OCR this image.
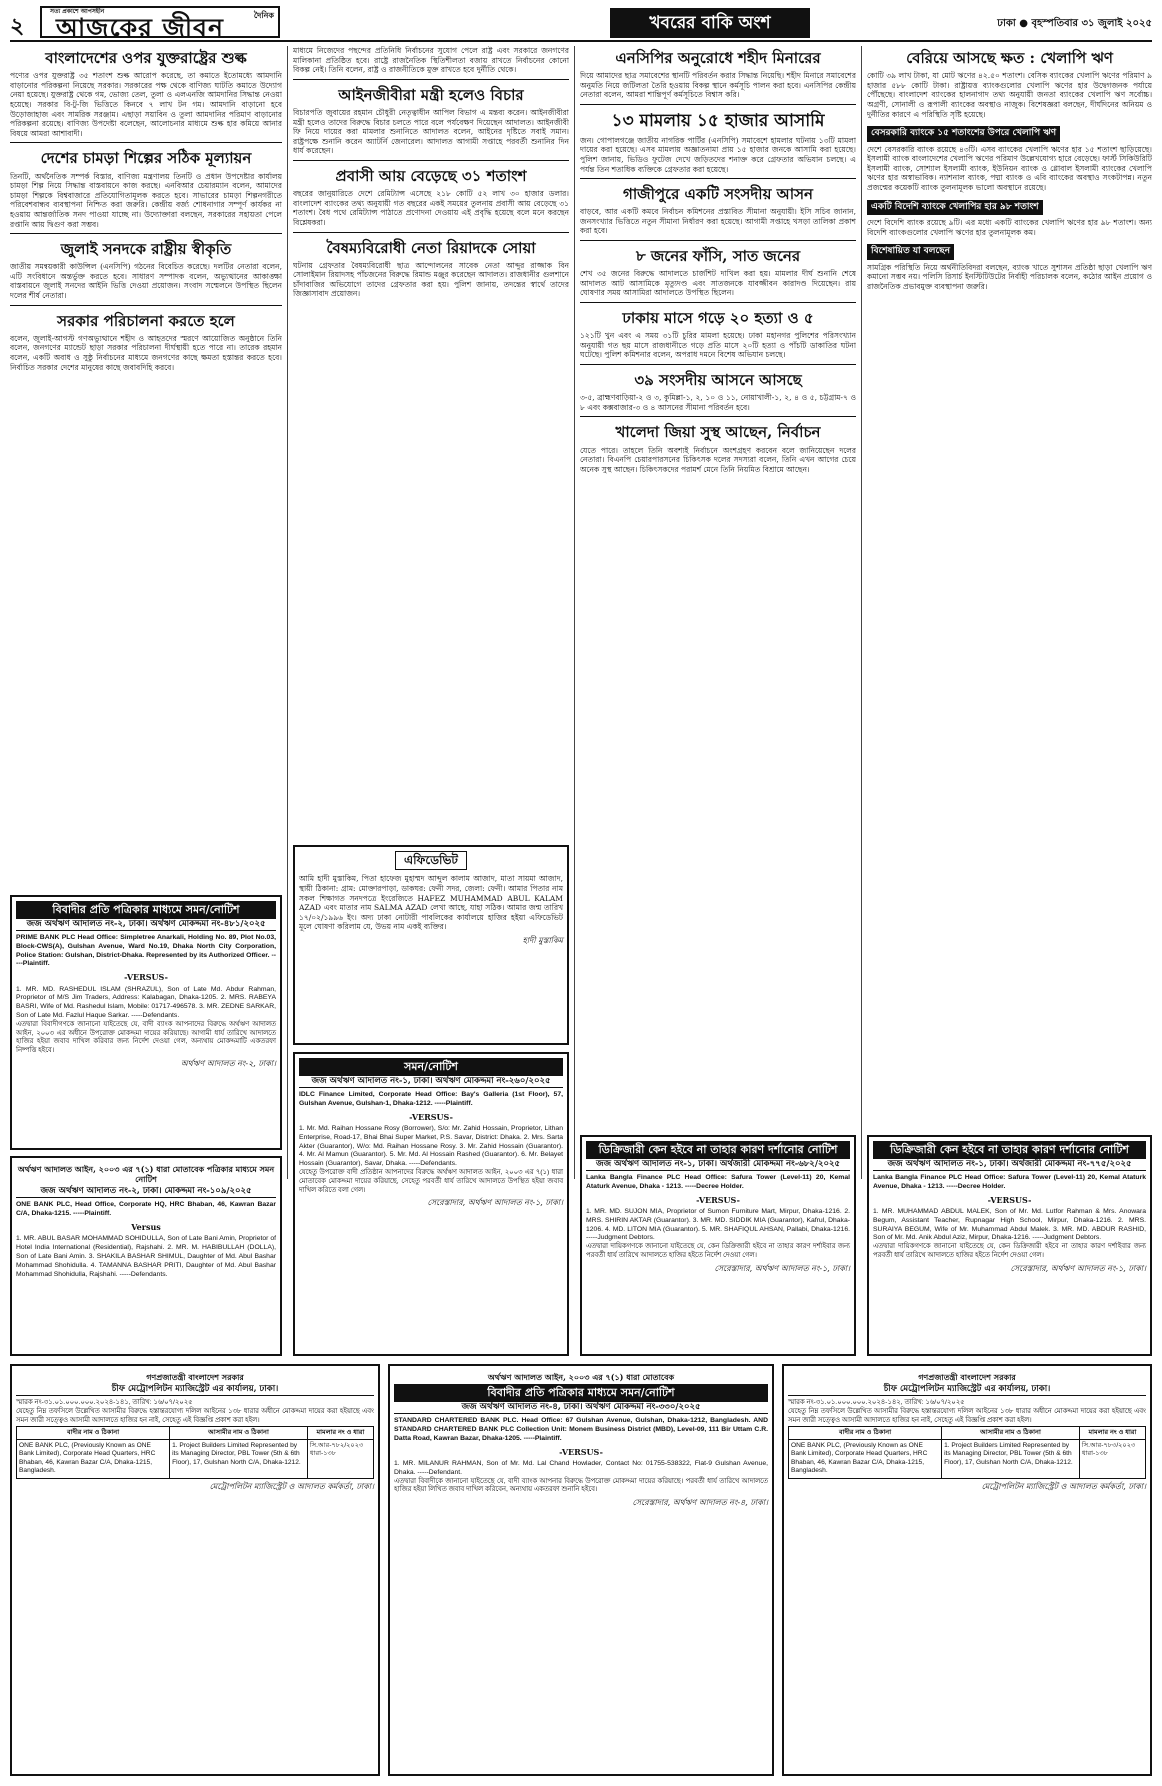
২
সত্য প্রকাশে আপসহীন
আজকের জীবন	দৈনিক	খবরের বাকি অংশ	ঢাকা ● বৃহস্পতিবার ৩১ জুলাই ২০২৫
বাংলাদেশের ওপর যুক্তরাষ্ট্রের শুল্ক

পণ্যের ওপর যুক্তরাষ্ট্র ৩৫ শতাংশ শুল্ক আরোপ করেছে, তা কমাতে ইতোমধ্যে আমদানি বাড়ানোর পরিকল্পনা নিয়েছে সরকার। সরকারের পক্ষ থেকে বাণিজ্য ঘাটতি কমাতে উদ্যোগ নেয়া হয়েছে। যুক্তরাষ্ট্র থেকে গম, ভোজ্য তেল, তুলা ও এলএনজি আমদানির সিদ্ধান্ত নেওয়া হয়েছে। সরকার বি-টু-জি ভিত্তিতে কিনবে ৭ লাখ টন গম। আমদানি বাড়ানো হবে উড়োজাহাজ এবং সামরিক সরঞ্জাম। এছাড়া সয়াবিন ও তুলা আমদানির পরিমাণ বাড়ানোর পরিকল্পনা রয়েছে। বাণিজ্য উপদেষ্টা বলেছেন, আলোচনার মাধ্যমে শুল্ক হার কমিয়ে আনার বিষয়ে আমরা আশাবাদী।

দেশের চামড়া শিল্পের সঠিক মূল্যায়ন

তিনটি, অর্থনৈতিক সম্পর্ক বিস্তার, বাণিজ্য মন্ত্রণালয় তিনটি ও প্রধান উপদেষ্টার কার্যালয় চামড়া শিল্প নিয়ে সিদ্ধান্ত বাস্তবায়নে কাজ করছে। এনবিআর চেয়ারম্যান বলেন, আমাদের চামড়া শিল্পকে বিশ্ববাজারে প্রতিযোগিতামূলক করতে হবে। সাভারের চামড়া শিল্পনগরীতে পরিবেশবান্ধব ব্যবস্থাপনা নিশ্চিত করা জরুরি। কেন্দ্রীয় বর্জ্য শোধনাগার সম্পূর্ণ কার্যকর না হওয়ায় আন্তর্জাতিক সনদ পাওয়া যাচ্ছে না। উদ্যোক্তারা বলছেন, সরকারের সহায়তা পেলে রপ্তানি আয় দ্বিগুণ করা সম্ভব।

জুলাই সনদকে রাষ্ট্রীয় স্বীকৃতি

জাতীয় সমন্বয়কারী কাউন্সিল (এনসিপি) গঠনের বিবেচিত করেছে। দলটির নেতারা বলেন, এটি সংবিধানে অন্তর্ভুক্ত করতে হবে। সাধারণ সম্পাদক বলেন, অভ্যুত্থানের আকাঙ্ক্ষা বাস্তবায়নে জুলাই সনদের আইনি ভিত্তি দেওয়া প্রয়োজন। সংবাদ সম্মেলনে উপস্থিত ছিলেন দলের শীর্ষ নেতারা।

সরকার পরিচালনা করতে হলে

বলেন, জুলাই-আগস্ট গণঅভ্যুত্থানে শহীদ ও আহতদের স্মরণে আয়োজিত অনুষ্ঠানে তিনি বলেন, জনগণের ম্যান্ডেট ছাড়া সরকার পরিচালনা দীর্ঘস্থায়ী হতে পারে না। তারেক রহমান বলেন, একটি অবাধ ও সুষ্ঠু নির্বাচনের মাধ্যমে জনগণের কাছে ক্ষমতা হস্তান্তর করতে হবে। নির্বাচিত সরকার দেশের মানুষের কাছে জবাবদিহি করবে।

মাধ্যমে নিজেদের পছন্দের প্রতিনিধি নির্বাচনের সুযোগ পেলে রাষ্ট্র এবং সরকারে জনগণের মালিকানা প্রতিষ্ঠিত হবে। রাষ্ট্রে রাজনৈতিক স্থিতিশীলতা বজায় রাখতে নির্বাচনের কোনো বিকল্প নেই। তিনি বলেন, রাষ্ট্র ও রাজনীতিকে মুক্ত রাখতে হবে দুর্নীতি থেকে।

আইনজীবীরা মন্ত্রী হলেও বিচার

বিচারপতি জুবায়ের রহমান চৌধুরী নেতৃত্বাধীন আপিল বিভাগ এ মন্তব্য করেন। আইনজীবীরা মন্ত্রী হলেও তাদের বিরুদ্ধে বিচার চলতে পারে বলে পর্যবেক্ষণ দিয়েছেন আদালত। আইনজীবী ফি নিয়ে দায়ের করা মামলার শুনানিতে আদালত বলেন, আইনের দৃষ্টিতে সবাই সমান। রাষ্ট্রপক্ষে শুনানি করেন অ্যাটর্নি জেনারেল। আদালত আগামী সপ্তাহে পরবর্তী শুনানির দিন ধার্য করেছেন।

প্রবাসী আয় বেড়েছে ৩১ শতাংশ

বছরের জানুয়ারিতে দেশে রেমিট্যান্স এসেছে ২১৮ কোটি ৫২ লাখ ৩০ হাজার ডলার। বাংলাদেশ ব্যাংকের তথ্য অনুযায়ী গত বছরের একই সময়ের তুলনায় প্রবাসী আয় বেড়েছে ৩১ শতাংশ। বৈধ পথে রেমিট্যান্স পাঠাতে প্রণোদনা দেওয়ায় এই প্রবৃদ্ধি হয়েছে বলে মনে করছেন বিশ্লেষকরা।

বৈষম্যবিরোধী নেতা রিয়াদকে সোয়া

ঘটনায় গ্রেফতার বৈষম্যবিরোধী ছাত্র আন্দোলনের সাবেক নেতা আব্দুর রাজ্জাক বিন সোলাইমান রিয়াদসহ পাঁচজনের বিরুদ্ধে রিমান্ড মঞ্জুর করেছেন আদালত। রাজধানীর গুলশানে চাঁদাবাজির অভিযোগে তাদের গ্রেফতার করা হয়। পুলিশ জানায়, তদন্তের স্বার্থে তাদের জিজ্ঞাসাবাদ প্রয়োজন।

এনসিপির অনুরোধে শহীদ মিনারের

দিয়ে আমাদের ছাত্র সমাবেশের স্থানটি পরিবর্তন করার সিদ্ধান্ত নিয়েছি। শহীদ মিনারে সমাবেশের অনুমতি নিয়ে জটিলতা তৈরি হওয়ায় বিকল্প স্থানে কর্মসূচি পালন করা হবে। এনসিপির কেন্দ্রীয় নেতারা বলেন, আমরা শান্তিপূর্ণ কর্মসূচিতে বিশ্বাস করি।

১৩ মামলায় ১৫ হাজার আসামি

জন। গোপালগঞ্জে জাতীয় নাগরিক পার্টির (এনসিপি) সমাবেশে হামলার ঘটনায় ১৩টি মামলা দায়ের করা হয়েছে। এসব মামলায় অজ্ঞাতনামা প্রায় ১৫ হাজার জনকে আসামি করা হয়েছে। পুলিশ জানায়, ভিডিও ফুটেজ দেখে জড়িতদের শনাক্ত করে গ্রেফতার অভিযান চলছে। এ পর্যন্ত তিন শতাধিক ব্যক্তিকে গ্রেফতার করা হয়েছে।

গাজীপুরে একটি সংসদীয় আসন

বাড়বে, আর একটি কমবে নির্বাচন কমিশনের প্রস্তাবিত সীমানা অনুযায়ী। ইসি সচিব জানান, জনসংখ্যার ভিত্তিতে নতুন সীমানা নির্ধারণ করা হয়েছে। আগামী সপ্তাহে খসড়া তালিকা প্রকাশ করা হবে।

৮ জনের ফাঁসি, সাত জনের

শেখ ৩৫ জনের বিরুদ্ধে আদালতে চার্জশিট দাখিল করা হয়। মামলার দীর্ঘ শুনানি শেষে আদালত আট আসামিকে মৃত্যুদণ্ড এবং সাতজনকে যাবজ্জীবন কারাদণ্ড দিয়েছেন। রায় ঘোষণার সময় আসামিরা আদালতে উপস্থিত ছিলেন।

ঢাকায় মাসে গড়ে ২০ হত্যা ও ৫

১২১টি খুন এবং এ সময় ৩১টি চুরির মামলা হয়েছে। ঢাকা মহানগর পুলিশের পরিসংখ্যান অনুযায়ী গত ছয় মাসে রাজধানীতে গড়ে প্রতি মাসে ২০টি হত্যা ও পাঁচটি ডাকাতির ঘটনা ঘটেছে। পুলিশ কমিশনার বলেন, অপরাধ দমনে বিশেষ অভিযান চলছে।

৩৯ সংসদীয় আসনে আসছে

৩-৫, ব্রাহ্মণবাড়িয়া-২ ও ৩, কুমিল্লা-১, ২, ১০ ও ১১, নোয়াখালী-১, ২, ৪ ও ৫, চট্টগ্রাম-৭ ও ৮ এবং কক্সবাজার-৩ ও ৪ আসনের সীমানা পরিবর্তন হবে।

খালেদা জিয়া সুস্থ আছেন, নির্বাচন

যেতে পারে। তাহলে তিনি অবশ্যই নির্বাচনে অংশগ্রহণ করবেন বলে জানিয়েছেন দলের নেতারা। বিএনপি চেয়ারপারসনের চিকিৎসক দলের সদস্যরা বলেন, তিনি এখন আগের চেয়ে অনেক সুস্থ আছেন। চিকিৎসকদের পরামর্শ মেনে তিনি নিয়মিত বিশ্রামে আছেন।

বেরিয়ে আসছে ক্ষত : খেলাপি ঋণ

কোটি ৩৯ লাখ টাকা, যা মোট ঋণের ৪২.৫০ শতাংশ। বেসিক ব্যাংকের খেলাপি ঋণের পরিমাণ ৯ হাজার ৫৮৮ কোটি টাকা। রাষ্ট্রায়ত্ত ব্যাংকগুলোর খেলাপি ঋণের হার উদ্বেগজনক পর্যায়ে পৌঁছেছে। বাংলাদেশ ব্যাংকের হালনাগাদ তথ্য অনুযায়ী জনতা ব্যাংকের খেলাপি ঋণ সর্বোচ্চ। অগ্রণী, সোনালী ও রূপালী ব্যাংকের অবস্থাও নাজুক। বিশেষজ্ঞরা বলছেন, দীর্ঘদিনের অনিয়ম ও দুর্নীতির কারণে এ পরিস্থিতি সৃষ্টি হয়েছে।

বেসরকারি ব্যাংকে ১৫ শতাংশের উপরে খেলাপি ঋণ

দেশে বেসরকারি ব্যাংক রয়েছে ৪৩টি। এসব ব্যাংকের খেলাপি ঋণের হার ১৫ শতাংশ ছাড়িয়েছে। ইসলামী ব্যাংক বাংলাদেশের খেলাপি ঋণের পরিমাণ উল্লেখযোগ্য হারে বেড়েছে। ফার্স্ট সিকিউরিটি ইসলামী ব্যাংক, সোশ্যাল ইসলামী ব্যাংক, ইউনিয়ন ব্যাংক ও গ্লোবাল ইসলামী ব্যাংকের খেলাপি ঋণের হার অস্বাভাবিক। ন্যাশনাল ব্যাংক, পদ্মা ব্যাংক ও এবি ব্যাংকের অবস্থাও সংকটাপন্ন। নতুন প্রজন্মের কয়েকটি ব্যাংক তুলনামূলক ভালো অবস্থানে রয়েছে।

একটি বিদেশি ব্যাংকে খেলাপির হার ৯৮ শতাংশ

দেশে বিদেশি ব্যাংক রয়েছে ৯টি। এর মধ্যে একটি ব্যাংকের খেলাপি ঋণের হার ৯৮ শতাংশ। অন্য বিদেশি ব্যাংকগুলোর খেলাপি ঋণের হার তুলনামূলক কম।

বিশেষায়িত যা বলছেন

সামগ্রিক পরিস্থিতি নিয়ে অর্থনীতিবিদরা বলছেন, ব্যাংক খাতে সুশাসন প্রতিষ্ঠা ছাড়া খেলাপি ঋণ কমানো সম্ভব নয়। পলিসি রিসার্চ ইনস্টিটিউটের নির্বাহী পরিচালক বলেন, কঠোর আইন প্রয়োগ ও রাজনৈতিক প্রভাবমুক্ত ব্যবস্থাপনা জরুরি।

বিবাদীর প্রতি পত্রিকার মাধ্যমে সমন/নোটিশ
জজ অর্থঋণ আদালত নং-২, ঢাকা। অর্থঋণ মোকদ্দমা নং-৪৮১/২০২৫

PRIME BANK PLC Head Office: Simpletree Anarkali, Holding No. 89, Plot No.03, Block-CWS(A), Gulshan Avenue, Ward No.19, Dhaka North City Corporation, Police Station: Gulshan, District-Dhaka. Represented by its Authorized Officer. -----Plaintiff.

-VERSUS-

1. MR. MD. RASHEDUL ISLAM (SHRAZUL), Son of Late Md. Abdur Rahman, Proprietor of M/S Jim Traders, Address: Kalabagan, Dhaka-1205. 2. MRS. RABEYA BASRI, Wife of Md. Rashedul Islam, Mobile: 01717-496578. 3. MR. ZEDNE SARKAR, Son of Late Md. Fazlul Haque Sarkar. -----Defendants.

এতদ্বারা বিবাদীগণকে জানানো যাইতেছে যে, বাদী ব্যাংক আপনাদের বিরুদ্ধে অর্থঋণ আদালত আইন, ২০০৩ এর অধীনে উপরোক্ত মোকদ্দমা দায়ের করিয়াছে। আগামী ধার্য তারিখে আদালতে হাজির হইয়া জবাব দাখিল করিবার জন্য নির্দেশ দেওয়া গেল, অন্যথায় মোকদ্দমাটি একতরফা নিষ্পত্তি হইবে।

অর্থঋণ আদালত নং-২, ঢাকা।
অর্থঋণ আদালত আইন, ২০০৩ এর ৭(১) ধারা মোতাবেক পত্রিকার মাধ্যমে সমন নোটিশ
জজ অর্থঋণ আদালত নং-২, ঢাকা। মোকদ্দমা নং-১০৯/২০২৫

ONE BANK PLC, Head Office, Corporate HQ, HRC Bhaban, 46, Kawran Bazar C/A, Dhaka-1215. -----Plaintiff.

Versus

1. MR. ABUL BASAR MOHAMMAD SOHIDULLA, Son of Late Bani Amin, Proprietor of Hotel India International (Residential), Rajshahi. 2. MR. M. HABIBULLAH (DOLLA), Son of Late Bani Amin. 3. SHAKILA BASHAR SHIMUL, Daughter of Md. Abul Bashar Mohammad Shohidulla. 4. TAMANNA BASHAR PRITI, Daughter of Md. Abul Bashar Mohammad Shohidulla, Rajshahi. -----Defendants.

এফিডেভিট

আমি হাদী মুস্তাকিম, পিতা হাফেজ মুহাম্মদ আব্দুল কালাম আজাদ, মাতা সায়মা আজাদ, স্থায়ী ঠিকানা: গ্রাম: মোক্তারপাড়া, ডাকঘর: ফেনী সদর, জেলা: ফেনী। আমার পিতার নাম সকল শিক্ষাগত সনদপত্রে ইংরেজিতে HAFEZ MUHAMMAD ABUL KALAM AZAD এবং মাতার নাম SALMA AZAD লেখা আছে, যাহা সঠিক। আমার জন্ম তারিখ ১৭/০২/১৯৯৬ ইং। অদ্য ঢাকা নোটারী পাবলিকের কার্যালয়ে হাজির হইয়া এফিডেভিট মূলে ঘোষণা করিলাম যে, উভয় নাম একই ব্যক্তির।

হাদী মুস্তাকিম
সমন/নোটিশ
জজ অর্থঋণ আদালত নং-১, ঢাকা। অর্থঋণ মোকদ্দমা নং-২৬০/২০২৫

IDLC Finance Limited, Corporate Head Office: Bay's Galleria (1st Floor), 57, Gulshan Avenue, Gulshan-1, Dhaka-1212. -----Plaintiff.

-VERSUS-

1. Mr. Md. Raihan Hossane Rosy (Borrower), S/o: Mr. Zahid Hossain, Proprietor, Lithan Enterprise, Road-17, Bhai Bhai Super Market, P.S. Savar, District: Dhaka. 2. Mrs. Sarta Akter (Guarantor), W/o: Md. Raihan Hossane Rosy. 3. Mr. Zahid Hossain (Guarantor). 4. Mr. Al Mamun (Guarantor). 5. Mr. Md. Al Hossain Rashed (Guarantor). 6. Mr. Belayet Hossain (Guarantor), Savar, Dhaka. -----Defendants.

যেহেতু উপরোক্ত বাদী প্রতিষ্ঠান আপনাদের বিরুদ্ধে অর্থঋণ আদালত আইন, ২০০৩ এর ৭(১) ধারা মোতাবেক মোকদ্দমা দায়ের করিয়াছে, সেহেতু পরবর্তী ধার্য তারিখে আদালতে উপস্থিত হইয়া জবাব দাখিল করিতে বলা গেল।

সেরেস্তাদার, অর্থঋণ আদালত নং-১, ঢাকা।
ডিক্রিজারী কেন হইবে না তাহার কারণ দর্শানোর নোটিশ
জজ অর্থঋণ আদালত নং-১, ঢাকা। অর্থজারী মোকদ্দমা নং-৬৮২/২০২৫

Lanka Bangla Finance PLC Head Office: Safura Tower (Level-11) 20, Kemal Ataturk Avenue, Dhaka - 1213. -----Decree Holder.

-VERSUS-

1. MR. MD. SUJON MIA, Proprietor of Sumon Furniture Mart, Mirpur, Dhaka-1216. 2. MRS. SHIRIN AKTAR (Guarantor). 3. MR. MD. SIDDIK MIA (Guarantor), Kafrul, Dhaka-1206. 4. MD. LITON MIA (Guarantor). 5. MR. SHAFIQUL AHSAN, Pallabi, Dhaka-1216. -----Judgment Debtors.

এতদ্বারা দায়িকগণকে জানানো যাইতেছে যে, কেন ডিক্রিজারী হইবে না তাহার কারণ দর্শাইবার জন্য পরবর্তী ধার্য তারিখে আদালতে হাজির হইতে নির্দেশ দেওয়া গেল।

সেরেস্তাদার, অর্থঋণ আদালত নং-১, ঢাকা।
ডিক্রিজারী কেন হইবে না তাহার কারণ দর্শানোর নোটিশ
জজ অর্থঋণ আদালত নং-১, ঢাকা। অর্থজারী মোকদ্দমা নং-৭৭৫/২০২৫

Lanka Bangla Finance PLC Head Office: Safura Tower (Level-11) 20, Kemal Ataturk Avenue, Dhaka - 1213. -----Decree Holder.

-VERSUS-

1. MR. MUHAMMAD ABDUL MALEK, Son of Mr. Md. Lutfor Rahman & Mrs. Anowara Begum, Assistant Teacher, Rupnagar High School, Mirpur, Dhaka-1216. 2. MRS. SURAIYA BEGUM, Wife of Mr. Muhammad Abdul Malek. 3. MR. MD. ABDUR RASHID, Son of Mr. Md. Anik Abdul Aziz, Mirpur, Dhaka-1216. -----Judgment Debtors.

এতদ্বারা দায়িকগণকে জানানো যাইতেছে যে, কেন ডিক্রিজারী হইবে না তাহার কারণ দর্শাইবার জন্য পরবর্তী ধার্য তারিখে আদালতে হাজির হইতে নির্দেশ দেওয়া গেল।

সেরেস্তাদার, অর্থঋণ আদালত নং-১, ঢাকা।
গণপ্রজাতন্ত্রী বাংলাদেশ সরকার
চীফ মেট্রোপলিটন ম্যাজিস্ট্রেট এর কার্যালয়, ঢাকা।
স্মারক নং-৩১.০১.০০০.০০০.২০২৪-১৪১, তারিখ: ১৬/০৭/২০২৫

যেহেতু নিম্ন তফসিলে উল্লেখিত আসামীর বিরুদ্ধে হস্তান্তরযোগ্য দলিল আইনের ১৩৮ ধারার অধীনে মোকদ্দমা দায়ের করা হইয়াছে এবং সমন জারী সত্ত্বেও আসামী আদালতে হাজির হন নাই, সেহেতু এই বিজ্ঞপ্তি প্রকাশ করা হইল।

বাদীর নাম ও ঠিকানা	আসামীর নাম ও ঠিকানা	মামলার নং ও ধারা
ONE BANK PLC, (Previously Known as ONE Bank Limited), Corporate Head Quarters, HRC Bhaban, 46, Kawran Bazar C/A, Dhaka-1215, Bangladesh.	1. Project Builders Limited Represented by its Managing Director, PBL Tower (5th & 6th Floor), 17, Gulshan North C/A, Dhaka-1212.	সি.আর-৭৮২/২০২৩ ধারা-১৩৮
মেট্রোপলিটন ম্যাজিস্ট্রেট ও আদালত কর্মকর্তা, ঢাকা।
অর্থঋণ আদালত আইন, ২০০৩ এর ৭(১) ধারা মোতাবেক
বিবাদীর প্রতি পত্রিকার মাধ্যমে সমন/নোটিশ
জজ অর্থঋণ আদালত নং-৪, ঢাকা। অর্থঋণ মোকদ্দমা নং-৩৩০/২০২৫

STANDARD CHARTERED BANK PLC. Head Office: 67 Gulshan Avenue, Gulshan, Dhaka-1212, Bangladesh. AND STANDARD CHARTERED BANK PLC Collection Unit: Monem Business District (MBD), Level-09, 111 Bir Uttam C.R. Datta Road, Kawran Bazar, Dhaka-1205. -----Plaintiff.

-VERSUS-

1. MR. MILANUR RAHMAN, Son of Mr. Md. Lal Chand Howlader, Contact No: 01755-538322, Flat-9 Gulshan Avenue, Dhaka. -----Defendant.

এতদ্বারা বিবাদীকে জানানো যাইতেছে যে, বাদী ব্যাংক আপনার বিরুদ্ধে উপরোক্ত মোকদ্দমা দায়ের করিয়াছে। পরবর্তী ধার্য তারিখে আদালতে হাজির হইয়া লিখিত জবাব দাখিল করিবেন, অন্যথায় একতরফা শুনানি হইবে।

সেরেস্তাদার, অর্থঋণ আদালত নং-৪, ঢাকা।
গণপ্রজাতন্ত্রী বাংলাদেশ সরকার
চীফ মেট্রোপলিটন ম্যাজিস্ট্রেট এর কার্যালয়, ঢাকা।
স্মারক নং-৩১.০১.০০০.০০০.২০২৪-১৪২, তারিখ: ১৬/০৭/২০২৫

যেহেতু নিম্ন তফসিলে উল্লেখিত আসামীর বিরুদ্ধে হস্তান্তরযোগ্য দলিল আইনের ১৩৮ ধারার অধীনে মোকদ্দমা দায়ের করা হইয়াছে এবং সমন জারী সত্ত্বেও আসামী আদালতে হাজির হন নাই, সেহেতু এই বিজ্ঞপ্তি প্রকাশ করা হইল।

বাদীর নাম ও ঠিকানা	আসামীর নাম ও ঠিকানা	মামলার নং ও ধারা
ONE BANK PLC, (Previously Known as ONE Bank Limited), Corporate Head Quarters, HRC Bhaban, 46, Kawran Bazar C/A, Dhaka-1215, Bangladesh.	1. Project Builders Limited Represented by its Managing Director, PBL Tower (5th & 6th Floor), 17, Gulshan North C/A, Dhaka-1212.	সি.আর-৭৮৩/২০২৩ ধারা-১৩৮
মেট্রোপলিটন ম্যাজিস্ট্রেট ও আদালত কর্মকর্তা, ঢাকা।
